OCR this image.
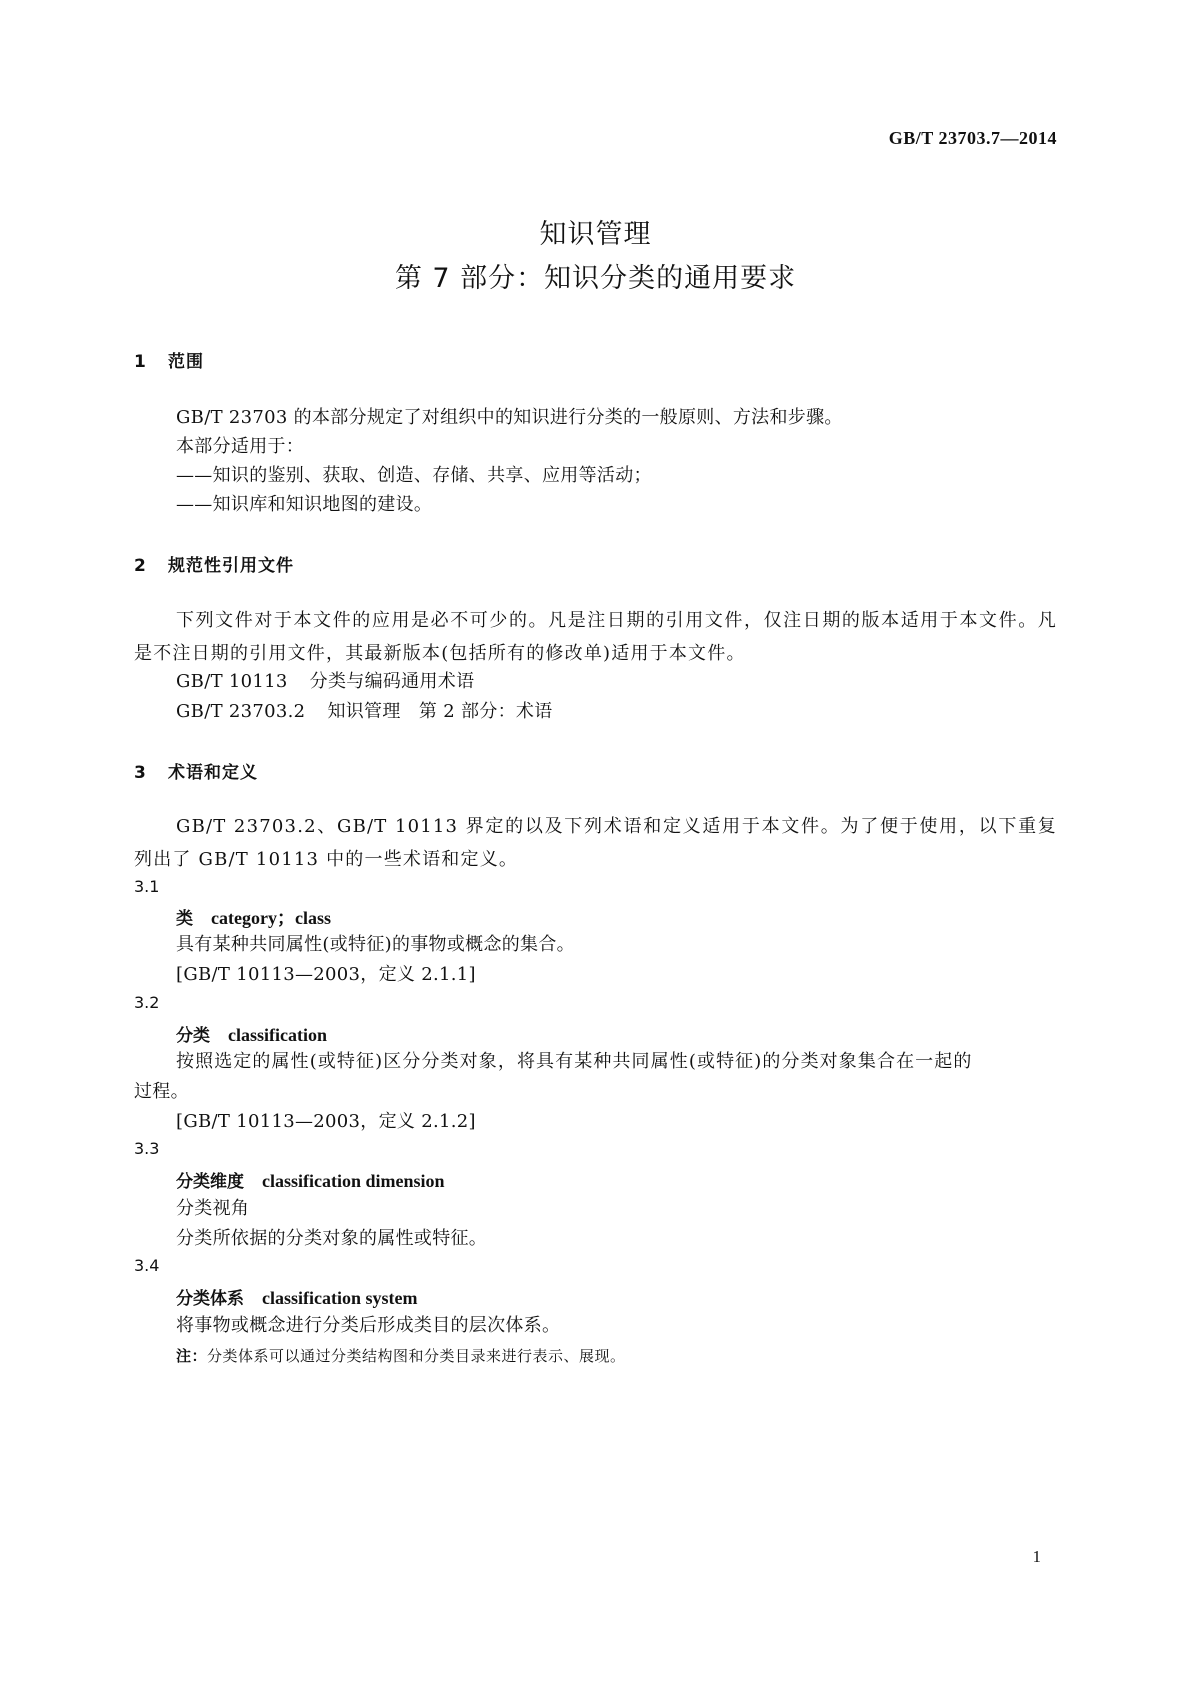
GB/T 23703.7—2014
知识管理
第 7 部分：知识分类的通用要求
1 范围
GB/T 23703 的本部分规定了对组织中的知识进行分类的一般原则、方法和步骤。
本部分适用于：
——知识的鉴别、获取、创造、存储、共享、应用等活动；
——知识库和知识地图的建设。
2 规范性引用文件
下列文件对于本文件的应用是必不可少的。凡是注日期的引用文件，仅注日期的版本适用于本文件。凡是不注日期的引用文件，其最新版本(包括所有的修改单)适用于本文件。
GB/T 10113 分类与编码通用术语
GB/T 23703.2 知识管理　第 2 部分：术语
3 术语和定义
GB/T 23703.2、GB/T 10113 界定的以及下列术语和定义适用于本文件。为了便于使用，以下重复列出了 GB/T 10113 中的一些术语和定义。
3.1
类 category；class
具有某种共同属性(或特征)的事物或概念的集合。
[GB/T 10113—2003，定义 2.1.1]
3.2
分类 classification
按照选定的属性(或特征)区分分类对象，将具有某种共同属性(或特征)的分类对象集合在一起的
过程。
[GB/T 10113—2003，定义 2.1.2]
3.3
分类维度 classification dimension
分类视角
分类所依据的分类对象的属性或特征。
3.4
分类体系 classification system
将事物或概念进行分类后形成类目的层次体系。
注：分类体系可以通过分类结构图和分类目录来进行表示、展现。
1
